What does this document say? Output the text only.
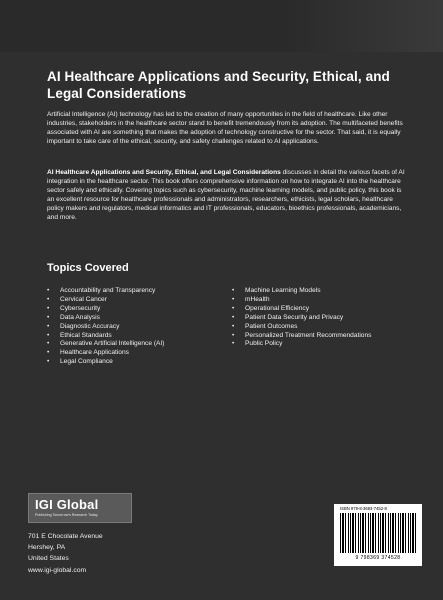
AI Healthcare Applications and Security, Ethical, and Legal Considerations
Artificial Intelligence (AI) technology has led to the creation of many opportunities in the field of healthcare. Like other industries, stakeholders in the healthcare sector stand to benefit tremendously from its adoption. The multifaceted benefits associated with AI are something that makes the adoption of technology constructive for the sector. That said, it is equally important to take care of the ethical, security, and safety challenges related to AI applications.
AI Healthcare Applications and Security, Ethical, and Legal Considerations discusses in detail the various facets of AI integration in the healthcare sector. This book offers comprehensive information on how to integrate AI into the healthcare sector safely and ethically. Covering topics such as cybersecurity, machine learning models, and public policy, this book is an excellent resource for healthcare professionals and administrators, researchers, ethicists, legal scholars, healthcare policy makers and regulators, medical informatics and IT professionals, educators, bioethics professionals, academicians, and more.
Topics Covered
• Accountability and Transparency
• Cervical Cancer
• Cybersecurity
• Data Analysis
• Diagnostic Accuracy
• Ethical Standards
• Generative Artificial Intelligence (AI)
• Healthcare Applications
• Legal Compliance
• Machine Learning Models
• mHealth
• Operational Efficiency
• Patient Data Security and Privacy
• Patient Outcomes
• Personalized Treatment Recommendations
• Public Policy
IGI Global
Publishing Tomorrow's Research Today
701 E Chocolate Avenue
Hershey, PA
United States
www.igi-global.com
ISBN 979-8-3693-7452-8
9 798369 374528
